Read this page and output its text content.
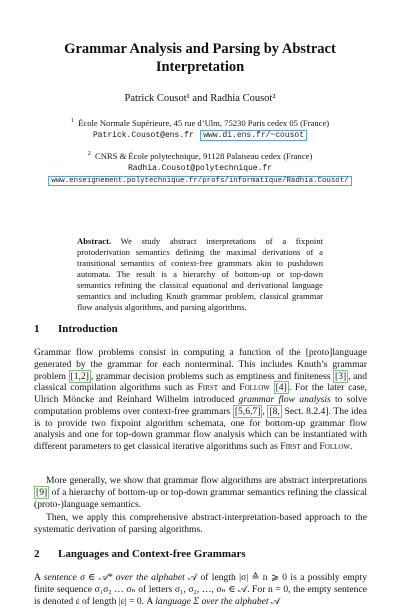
Grammar Analysis and Parsing by Abstract Interpretation
Patrick Cousot¹ and Radhia Cousot²
$^1$ École Normale Supérieure, 45 rue d’Ulm, 75230 Paris cedex 05 (France)
Patrick.Cousot@ens.fr www.di.ens.fr/~cousot
$^2$ CNRS & École polytechnique, 91128 Palaiseau cedex (France)
Radhia.Cousot@polytechnique.fr
www.enseignement.polytechnique.fr/profs/informatique/Radhia.Cousot/
Abstract. We study abstract interpretations of a fixpoint protoderivation semantics defining the maximal derivations of a transitional semantics of context-free grammars akin to pushdown automata. The result is a hierarchy of bottom-up or top-down semantics refining the classical equational and derivational language semantics and including Knuth grammar problem, classical grammar flow analysis algorithms, and parsing algorithms.
1 Introduction
Grammar flow problems consist in computing a function of the [proto]language generated by the grammar for each nonterminal. This includes Knuth’s grammar problem [1,2] , grammar decision problems such as emptiness and finiteness [3] , and classical compilation algorithms such as First and Follow [4] . For the later case, Ulrich Möncke and Reinhard Wilhelm introduced grammar flow analysis to solve computation problems over context-free grammars [5,6,7] , [8, Sect. 8.2.4]. The idea is to provide two fixpoint algorithm schemata, one for bottom-up grammar flow analysis and one for top-down grammar flow analysis which can be instantiated with different parameters to get classical iterative algorithms such as First and Follow.
More generally, we show that grammar flow algorithms are abstract interpretations [9] of a hierarchy of bottom-up or top-down grammar semantics refining the classical (proto-)language semantics.
Then, we apply this comprehensive abstract-interpretation-based approach to the systematic derivation of parsing algorithms.
2 Languages and Context-free Grammars
A sentence σ ∈ 𝒜* over the alphabet 𝒜 of length |σ| ≙ n ⩾ 0 is a possibly empty finite sequence σ₁σ₂ … σₙ of letters σ₁, σ₂, …, σₙ ∈ 𝒜. For n = 0, the empty sentence is denoted ε of length |ε| = 0. A language Σ over the alphabet 𝒜
